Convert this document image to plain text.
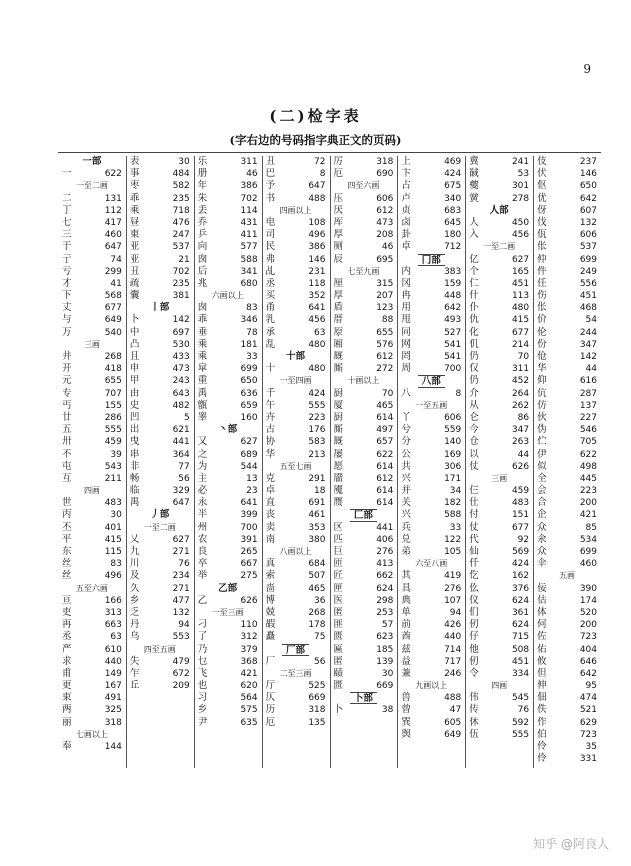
9
(二)检字表
(字右边的号码指字典正文的页码)
一部
一	622
一至二画
二	131
丁	112
七	417
三	460
于	647
亍	74
亏	299
才	41
下	568
丈	677
与	649
万	540
三画
井	268
开	418
元	655
专	707
丐	155
廿	286
五	555
卅	459
不	39
屯	543
互	211
四画
世	483
丙	30
丕	401
平	415
东	115
丝	83
丝	496
五至六画
亘	166
吏	313
再	663
丞	63
严	610
求	440
甫	149
更	167
束	491
两	325
丽	318
七画以上
奉	144
表	30
事	484
枣	582
乖	235
乘	718
昼	476
東	247
亚	537
亚	21
丑	702
疏	235
囊	381
丨部
卜	142
中	697
凸	530
且	433
申	473
甲	243
由	643
史	482
凹	5
出	621
曳	441
串	364
非	77
畅	56
临	329
禺	647
丿部
一至二画
乂	627
九	271
川	76
及	234
久	271
乡	477
乏	132
丹	94
乌	553
四至五画
失	479
乍	672
丘	209
乐	311
册	46
年	386
朱	702
丢	114
乔	431
乒	411
向	577
囱	588
后	341
兆	680
六画以上
囱	83
乖	346
垂	78
乘	181
乘	33
皐	699
重	650
禹	636
甑	659
睾	160
丶部
又	627
之	689
为	544
主	13
必	23
永	641
半	399
州	700
农	391
良	265
卒	667
举	275
乙部
乙	626
一至三画
刁	110
了	312
乃	379
乜	368
飞	421
也	620
习	564
乡	575
尹	635
丑	72
巴	8
予	647
书	488
四画以上
电	108
司	496
民	386
弗	146
乩	231
丞	118
买	352
甬	641
乳	456
承	63
乱	480
十部
十	480
一至四画
千	424
午	555
卉	223
古	176
协	583
华	213
五至七画
克	291
卓	18
直	691
丧	461
卖	353
南	380
八画以上
真	684
索	507
啬	465
博	36
兢	268
嘏	178
矗	75
厂部
厂	56
二至三画
厅	525
仄	669
历	318
厄	135
厉	318
厄	690
四至六画
压	606
厌	612
厍	473
厚	208
厕	46
辰	695
七至九画
厘	315
厚	207
盾	123
厝	88
原	655
厢	576
厩	612
厮	272
十画以上
厨	70
厦	465
厨	614
厮	497
厩	657
屡	622
愿	614
靥	612
魇	614
赝	614
匚部
区	441
匹	406
巨	276
匝	413
匠	662
匣	624
医	298
匿	253
匪	57
匮	623
匾	185
匿	139
赜	30
匮	669
卜部
卜	38
上	469
卞	424
占	675
卢	340
贞	683
卤	645
卦	180
卓	712
冂部
内	383
冈	159
冉	448
用	642
甩	493
同	527
网	541
罔	541
周	700
八部
八	8
一至五画
丫	606
兮	559
分	140
公	169
共	306
兴	171
并	34
关	182
兴	588
兵	33
兑	122
弟	105
六至八画
其	419
具	276
典	107
单	94
前	426
酋	440
兹	714
益	717
兼	246
九画以上
兽	488
曾	47
巽	605
舆	649
冀	241
馘	53
夔	301
黉	278
人部
人	450
入	456
一至二画
亿	627
个	165
仁	451
什	113
仆	480
仇	415
化	677
仉	214
仍	70
仅	311
仍	452
介	264
从	262
仑	86
今	347
仓	263
以	44
仗	626
三画
仨	459
仕	483
付	151
仗	677
代	92
仙	569
仟	424
仡	162
仫	376
仪	624
们	361
仞	624
仔	715
他	508
仞	451
令	334
四画
伟	545
传	76
休	592
伍	555
伎	237
伏	146
伛	650
优	642
伢	607
伐	132
佤	606
伥	537
仲	699
件	249
任	556
伤	451
伥	468
价	54
伦	244
份	347
伧	142
华	44
仰	616
伉	287
仿	137
伙	227
伪	546
伫	705
伊	622
似	498
全	445
会	223
合	200
企	421
众	85
氽	534
众	699
伞	460
五画
佞	390
估	174
体	520
何	200
佐	723
佑	404
攸	646
但	642
伸	95
佃	474
佚	521
作	629
伯	723
伶	35
伶	331
知乎 @阿良人
